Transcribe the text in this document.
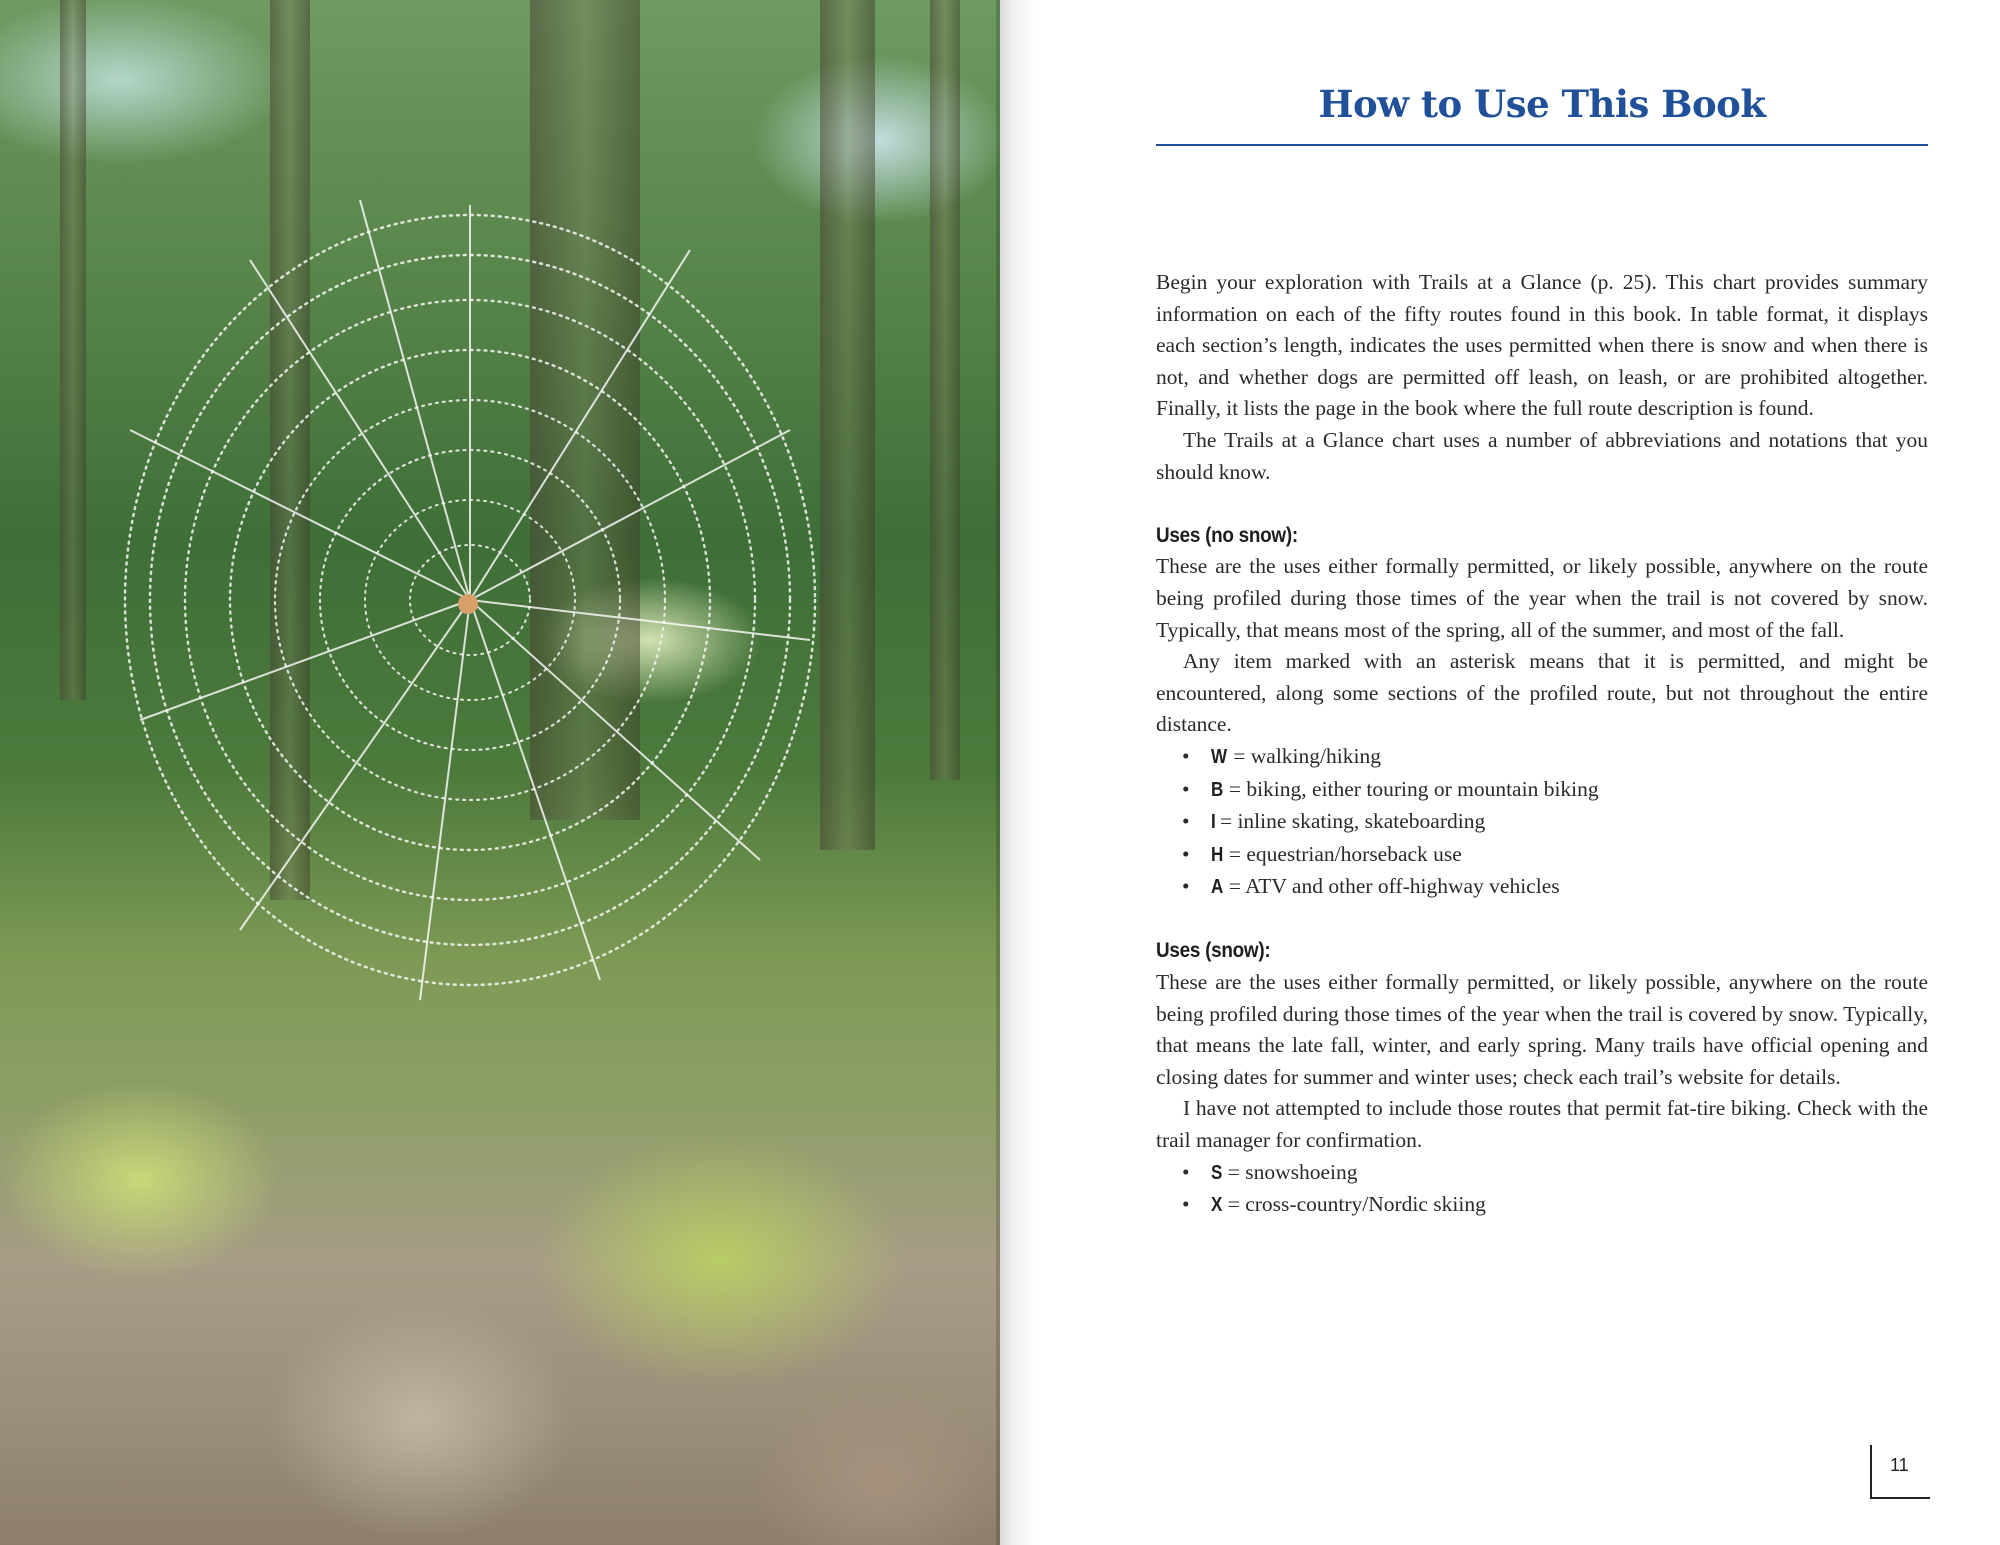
How to Use This Book

Begin your exploration with Trails at a Glance (p. 25). This chart provides summary information on each of the fifty routes found in this book. In table format, it displays each section’s length, indicates the uses permitted when there is snow and when there is not, and whether dogs are permitted off leash, on leash, or are prohibited altogether. Finally, it lists the page in the book where the full route description is found.

The Trails at a Glance chart uses a number of abbreviations and notations that you should know.

Uses (no snow):

These are the uses either formally permitted, or likely possible, anywhere on the route being profiled during those times of the year when the trail is not covered by snow. Typically, that means most of the spring, all of the summer, and most of the fall.

Any item marked with an asterisk means that it is permitted, and might be encountered, along some sections of the profiled route, but not throughout the entire distance.

• W = walking/hiking
• B = biking, either touring or mountain biking
• I = inline skating, skateboarding
• H = equestrian/horseback use
• A = ATV and other off-highway vehicles
Uses (snow):

These are the uses either formally permitted, or likely possible, anywhere on the route being profiled during those times of the year when the trail is covered by snow. Typically, that means the late fall, winter, and early spring. Many trails have official opening and closing dates for summer and winter uses; check each trail’s website for details.

I have not attempted to include those routes that permit fat-tire biking. Check with the trail manager for confirmation.

• S = snowshoeing
• X = cross-country/Nordic skiing
11
